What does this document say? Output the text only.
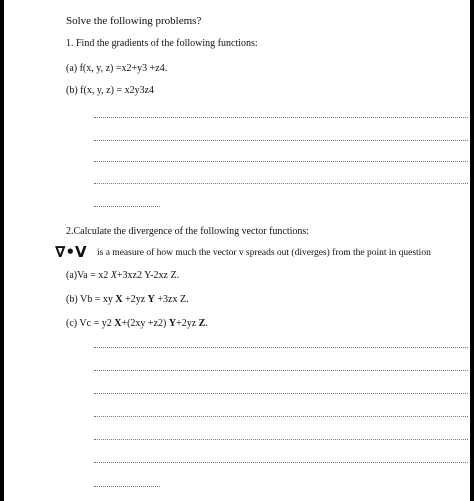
Solve the following problems?
1. Find the gradients of the following functions:
(a) f(x, y, z) =x2+y3 +z4.
(b) f(x, y, z) = x2y3z4
2.Calculate the divergence of the following vector functions:
∇•V is a measure of how much the vector v spreads out (diverges) from the point in question
(a)Va = x2 X+3xz2 Y-2xz Z.
(b) Vb = xy X +2yz Y +3zx Z.
(c) Vc = y2 X+(2xy +z2) Y+2yz Z.
